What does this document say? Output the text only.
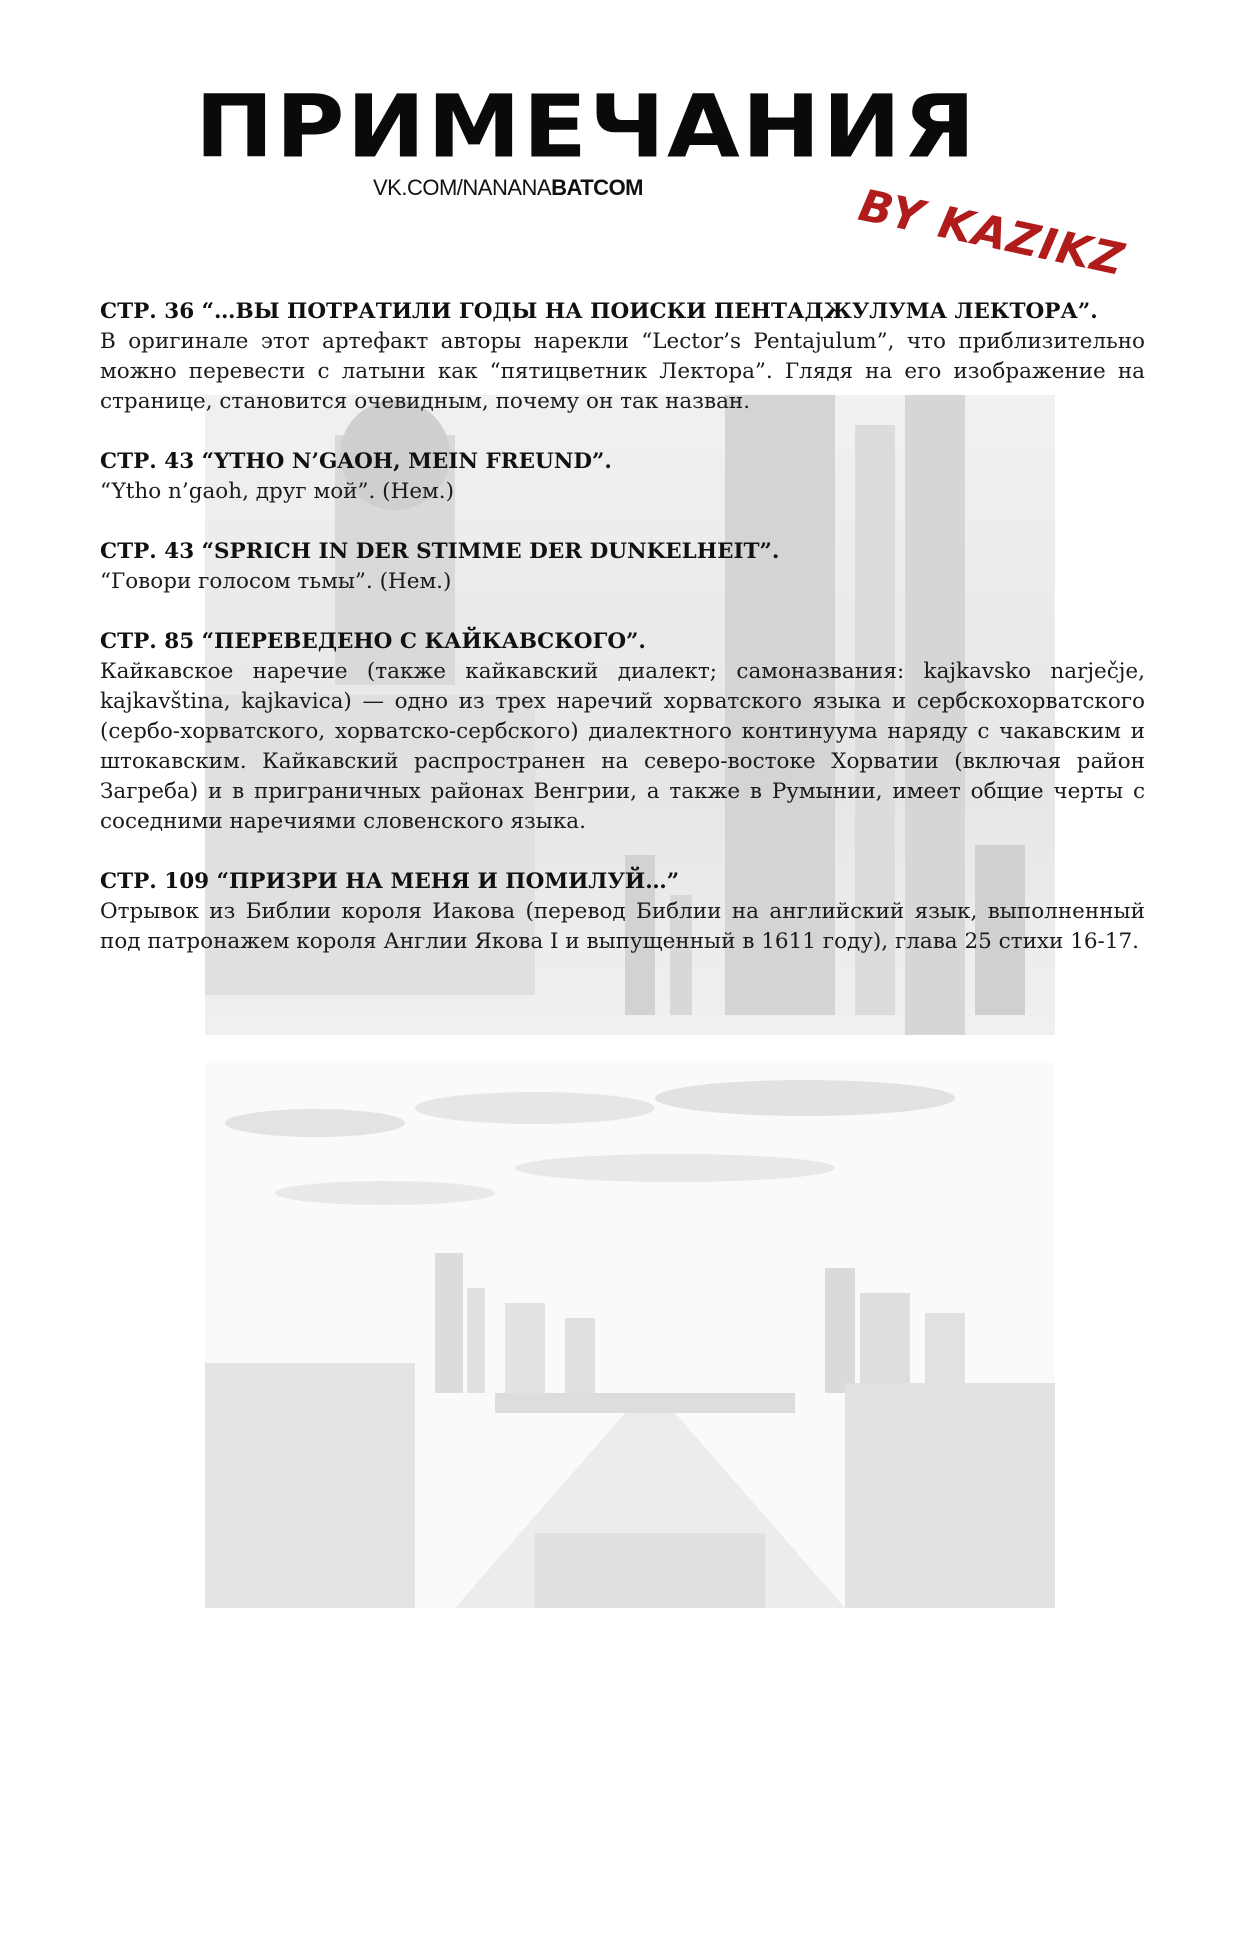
ПРИМЕЧАНИЯ
VK.COM/NANANABATCOM	BY KAZIKZ
СТР. 36 “…ВЫ ПОТРАТИЛИ ГОДЫ НА ПОИСКИ ПЕНТАДЖУЛУМА ЛЕКТОРА”.
В оригинале этот артефакт авторы нарекли “Lector’s Pentajulum”, что приблизительно можно перевести с латыни как “пятицветник Лектора”. Глядя на его изображение на странице, становится очевидным, почему он так назван.
СТР. 43 “YTHO N’GAOH, MEIN FREUND”.
“Ytho n’gaoh, друг мой”. (Нем.)
СТР. 43 “SPRICH IN DER STIMME DER DUNKELHEIT”.
“Говори голосом тьмы”. (Нем.)
СТР. 85 “ПЕРЕВЕДЕНО С КАЙКАВСКОГО”.
Кайкавское наречие (также кайкавский диалект; самоназвания: kajkavsko narječje, kajkavština, kajkavica) — одно из трех наречий хорватского языка и сербскохорватского (сербо-хорватского, хорватско-сербского) диалектного континуума наряду с чакавским и штокавским. Кайкавский распространен на северо-востоке Хорватии (включая район Загреба) и в приграничных районах Венгрии, а также в Румынии, имеет общие черты с соседними наречиями словенского языка.
СТР. 109 “ПРИЗРИ НА МЕНЯ И ПОМИЛУЙ…”
Отрывок из Библии короля Иакова (перевод Библии на английский язык, выполненный под патронажем короля Англии Якова I и выпущенный в 1611 году), глава 25 стихи 16-17.
